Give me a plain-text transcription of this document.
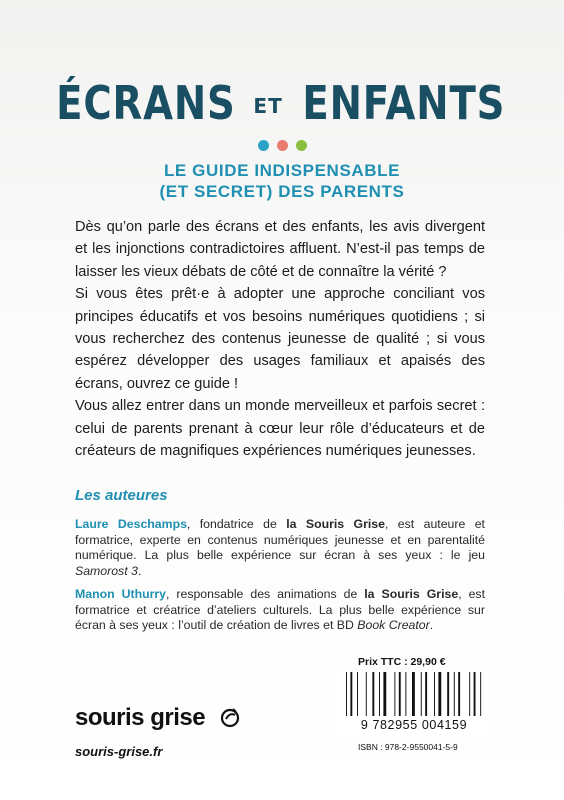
ÉCRANS ET ENFANTS

LE GUIDE INDISPENSABLE
(ET SECRET) DES PARENTS

Dès qu’on parle des écrans et des enfants, les avis divergent et les injonctions contradictoires affluent. N’est-il pas temps de laisser les vieux débats de côté et de connaître la vérité ?

Si vous êtes prêt·e à adopter une approche conciliant vos principes éducatifs et vos besoins numériques quotidiens ; si vous recherchez des contenus jeunesse de qualité ; si vous espérez développer des usages familiaux et apaisés des écrans, ouvrez ce guide !

Vous allez entrer dans un monde merveilleux et parfois secret : celui de parents prenant à cœur leur rôle d’éducateurs et de créateurs de magnifiques expériences numériques jeunesses.

Les auteures
Laure Deschamps, fondatrice de la Souris Grise, est auteure et formatrice, experte en contenus numériques jeunesse et en parentalité numérique. La plus belle expérience sur écran à ses yeux : le jeu Samorost 3.
Manon Uthurry, responsable des animations de la Souris Grise, est formatrice et créatrice d’ateliers culturels. La plus belle expérience sur écran à ses yeux : l’outil de création de livres et BD Book Creator.
Prix TTC : 29,90 €
9 782955 004159
ISBN : 978-2-9550041-5-9
souris grise
souris-grise.fr
